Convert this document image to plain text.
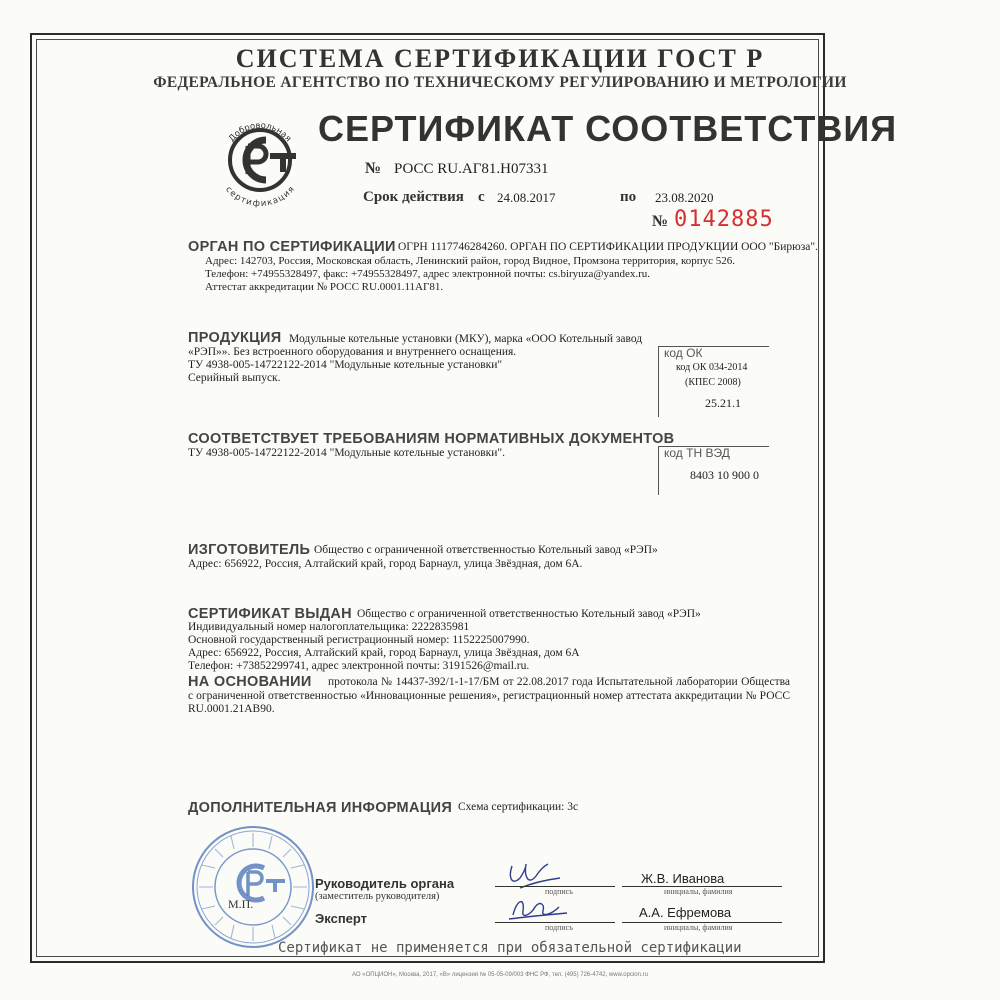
СИСТЕМА СЕРТИФИКАЦИИ ГОСТ Р
ФЕДЕРАЛЬНОЕ АГЕНТСТВО ПО ТЕХНИЧЕСКОМУ РЕГУЛИРОВАНИЮ И МЕТРОЛОГИИ
Добровольная
сертификация
СЕРТИФИКАТ СООТВЕТСТВИЯ
№ РОСС RU.АГ81.Н07331
Срок действия с 24.08.2017	по 23.08.2020
№ 0142885
ОРГАН ПО СЕРТИФИКАЦИИ ОГРН 1117746284260. ОРГАН ПО СЕРТИФИКАЦИИ ПРОДУКЦИИ ООО "Бирюза".
Адрес: 142703, Россия, Московская область, Ленинский район, город Видное, Промзона территория, корпус 526.
Телефон: +74955328497, факс: +74955328497, адрес электронной почты: cs.biryuza@yandex.ru.
Аттестат аккредитации № РОСС RU.0001.11АГ81.
ПРОДУКЦИЯ Модульные котельные установки (МКУ), марка «ООО Котельный завод
«РЭП»». Без встроенного оборудования и внутреннего оснащения.
ТУ 4938-005-14722122-2014 "Модульные котельные установки"
Серийный выпуск.
код ОК
код ОК 034-2014
(КПЕС 2008)
25.21.1
СООТВЕТСТВУЕТ ТРЕБОВАНИЯМ НОРМАТИВНЫХ ДОКУМЕНТОВ
ТУ 4938-005-14722122-2014 "Модульные котельные установки".	код ТН ВЭД
8403 10 900 0
ИЗГОТОВИТЕЛЬ Общество с ограниченной ответственностью Котельный завод «РЭП»
Адрес: 656922, Россия, Алтайский край, город Барнаул, улица Звёздная, дом 6А.
СЕРТИФИКАТ ВЫДАН Общество с ограниченной ответственностью Котельный завод «РЭП»
Индивидуальный номер налогоплательщика: 2222835981
Основной государственный регистрационный номер: 1152225007990.
Адрес: 656922, Россия, Алтайский край, город Барнаул, улица Звёздная, дом 6А
Телефон: +73852299741, адрес электронной почты: 3191526@mail.ru.
НА ОСНОВАНИИ	протокола № 14437-392/1-1-17/БМ от 22.08.2017 года Испытательной лаборатории Общества с ограниченной ответственностью «Инновационные решения», регистрационный номер аттестата аккредитации № РОСС RU.0001.21АВ90.
ДОПОЛНИТЕЛЬНАЯ ИНФОРМАЦИЯ Схема сертификации: 3с
М.П.
Руководитель органа
(заместитель руководителя)
Эксперт
подпись
Ж.В. Иванова
инициалы, фамилия
подпись
А.А. Ефремова
инициалы, фамилия
Сертификат не применяется при обязательной сертификации
АО «ОПЦИОН», Москва, 2017, «В» лицензия № 05-05-09/003 ФНС РФ, тел. (495) 726-4742, www.opcion.ru
